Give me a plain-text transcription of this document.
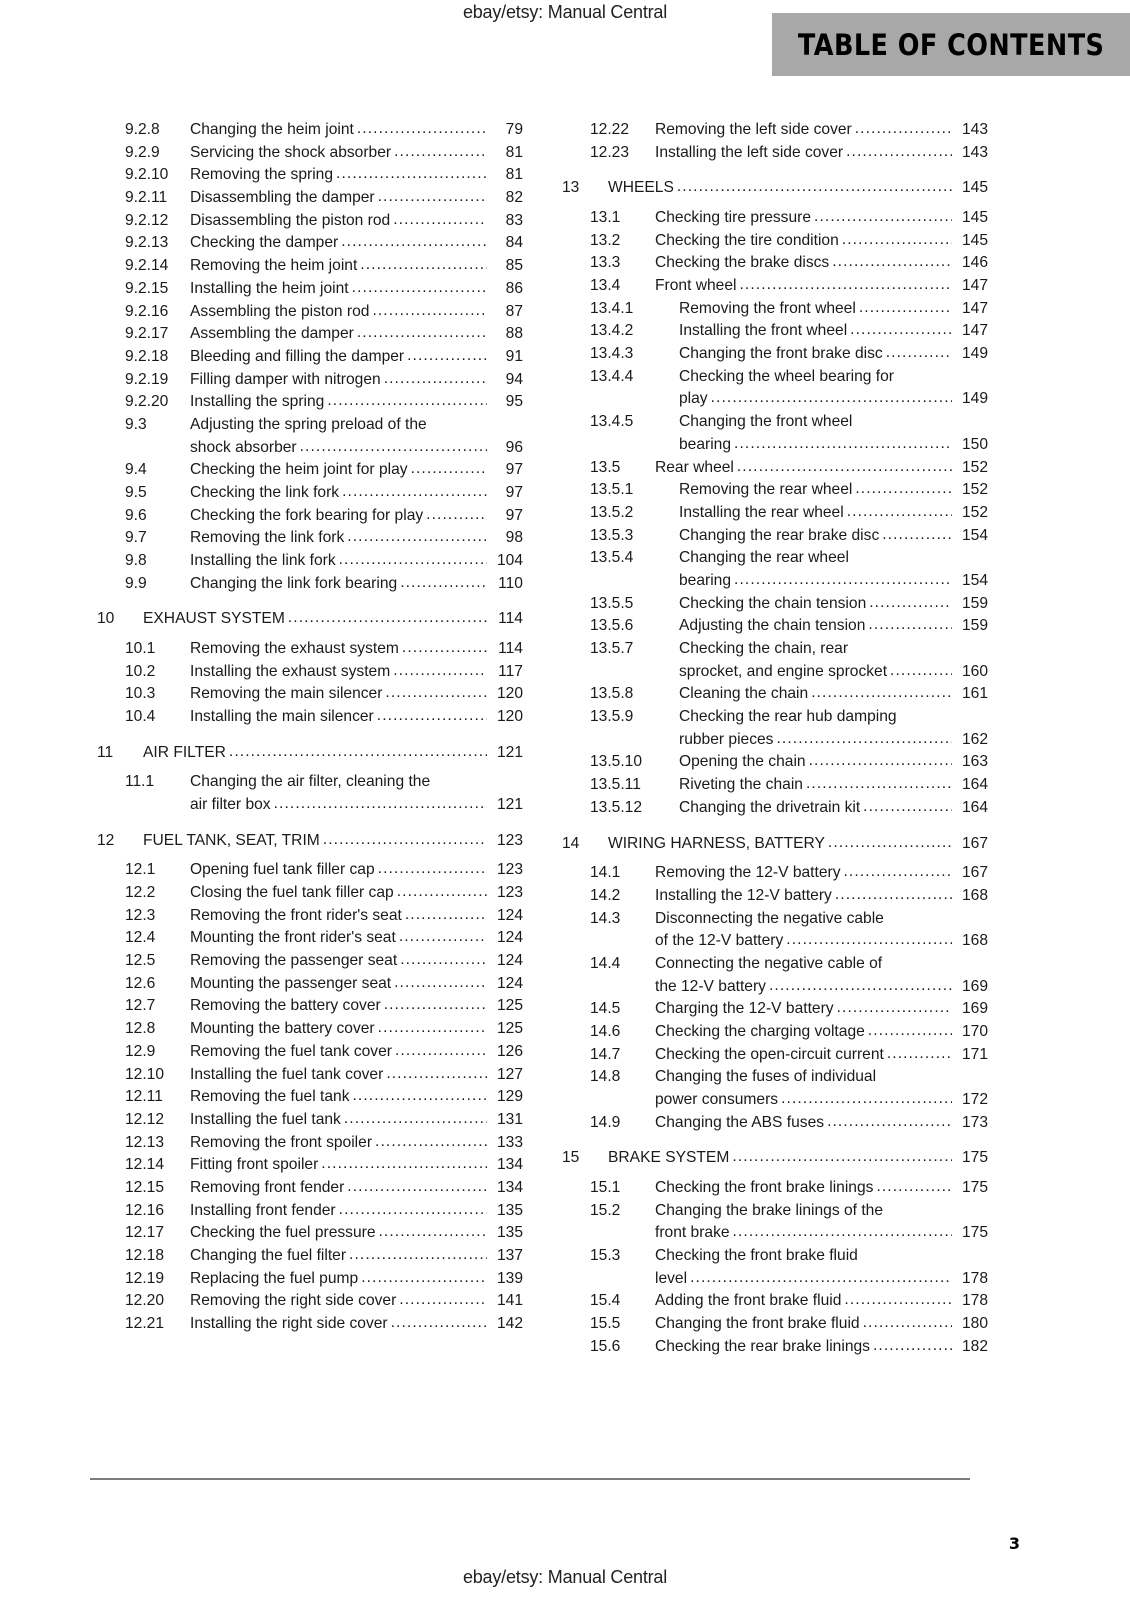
ebay/etsy: Manual Central
TABLE OF CONTENTS
9.2.8	Changing the heim joint .....	79
9.2.9	Servicing the shock absorber .....	81
9.2.10	Removing the spring .....	81
9.2.11	Disassembling the damper .....	82
9.2.12	Disassembling the piston rod .....	83
9.2.13	Checking the damper .....	84
9.2.14	Removing the heim joint .....	85
9.2.15	Installing the heim joint .....	86
9.2.16	Assembling the piston rod .....	87
9.2.17	Assembling the damper .....	88
9.2.18	Bleeding and filling the damper .....	91
9.2.19	Filling damper with nitrogen .....	94
9.2.20	Installing the spring .....	95
9.3	Adjusting the spring preload of the
shock absorber .....	96
9.4	Checking the heim joint for play .....	97
9.5	Checking the link fork .....	97
9.6	Checking the fork bearing for play .....	97
9.7	Removing the link fork .....	98
9.8	Installing the link fork .....	104
9.9	Changing the link fork bearing .....	110
10	EXHAUST SYSTEM .....	114
10.1	Removing the exhaust system .....	114
10.2	Installing the exhaust system .....	117
10.3	Removing the main silencer .....	120
10.4	Installing the main silencer .....	120
11	AIR FILTER .....	121
11.1	Changing the air filter, cleaning the
air filter box .....	121
12	FUEL TANK, SEAT, TRIM .....	123
12.1	Opening fuel tank filler cap .....	123
12.2	Closing the fuel tank filler cap .....	123
12.3	Removing the front rider's seat .....	124
12.4	Mounting the front rider's seat .....	124
12.5	Removing the passenger seat .....	124
12.6	Mounting the passenger seat .....	124
12.7	Removing the battery cover .....	125
12.8	Mounting the battery cover .....	125
12.9	Removing the fuel tank cover .....	126
12.10	Installing the fuel tank cover .....	127
12.11	Removing the fuel tank .....	129
12.12	Installing the fuel tank .....	131
12.13	Removing the front spoiler .....	133
12.14	Fitting front spoiler .....	134
12.15	Removing front fender .....	134
12.16	Installing front fender .....	135
12.17	Checking the fuel pressure .....	135
12.18	Changing the fuel filter .....	137
12.19	Replacing the fuel pump .....	139
12.20	Removing the right side cover .....	141
12.21	Installing the right side cover .....	142
12.22	Removing the left side cover .....	143
12.23	Installing the left side cover .....	143
13	WHEELS .....	145
13.1	Checking tire pressure .....	145
13.2	Checking the tire condition .....	145
13.3	Checking the brake discs .....	146
13.4	Front wheel .....	147
13.4.1	Removing the front wheel .....	147
13.4.2	Installing the front wheel .....	147
13.4.3	Changing the front brake disc .....	149
13.4.4	Checking the wheel bearing for
play .....	149
13.4.5	Changing the front wheel
bearing .....	150
13.5	Rear wheel .....	152
13.5.1	Removing the rear wheel .....	152
13.5.2	Installing the rear wheel .....	152
13.5.3	Changing the rear brake disc .....	154
13.5.4	Changing the rear wheel
bearing .....	154
13.5.5	Checking the chain tension .....	159
13.5.6	Adjusting the chain tension .....	159
13.5.7	Checking the chain, rear
sprocket, and engine sprocket .....	160
13.5.8	Cleaning the chain .....	161
13.5.9	Checking the rear hub damping
rubber pieces .....	162
13.5.10	Opening the chain .....	163
13.5.11	Riveting the chain .....	164
13.5.12	Changing the drivetrain kit .....	164
14	WIRING HARNESS, BATTERY .....	167
14.1	Removing the 12-V battery .....	167
14.2	Installing the 12-V battery .....	168
14.3	Disconnecting the negative cable
of the 12-V battery .....	168
14.4	Connecting the negative cable of
the 12-V battery .....	169
14.5	Charging the 12-V battery .....	169
14.6	Checking the charging voltage .....	170
14.7	Checking the open-circuit current .....	171
14.8	Changing the fuses of individual
power consumers .....	172
14.9	Changing the ABS fuses .....	173
15	BRAKE SYSTEM .....	175
15.1	Checking the front brake linings .....	175
15.2	Changing the brake linings of the
front brake .....	175
15.3	Checking the front brake fluid
level .....	178
15.4	Adding the front brake fluid .....	178
15.5	Changing the front brake fluid .....	180
15.6	Checking the rear brake linings .....	182
3
ebay/etsy: Manual Central
